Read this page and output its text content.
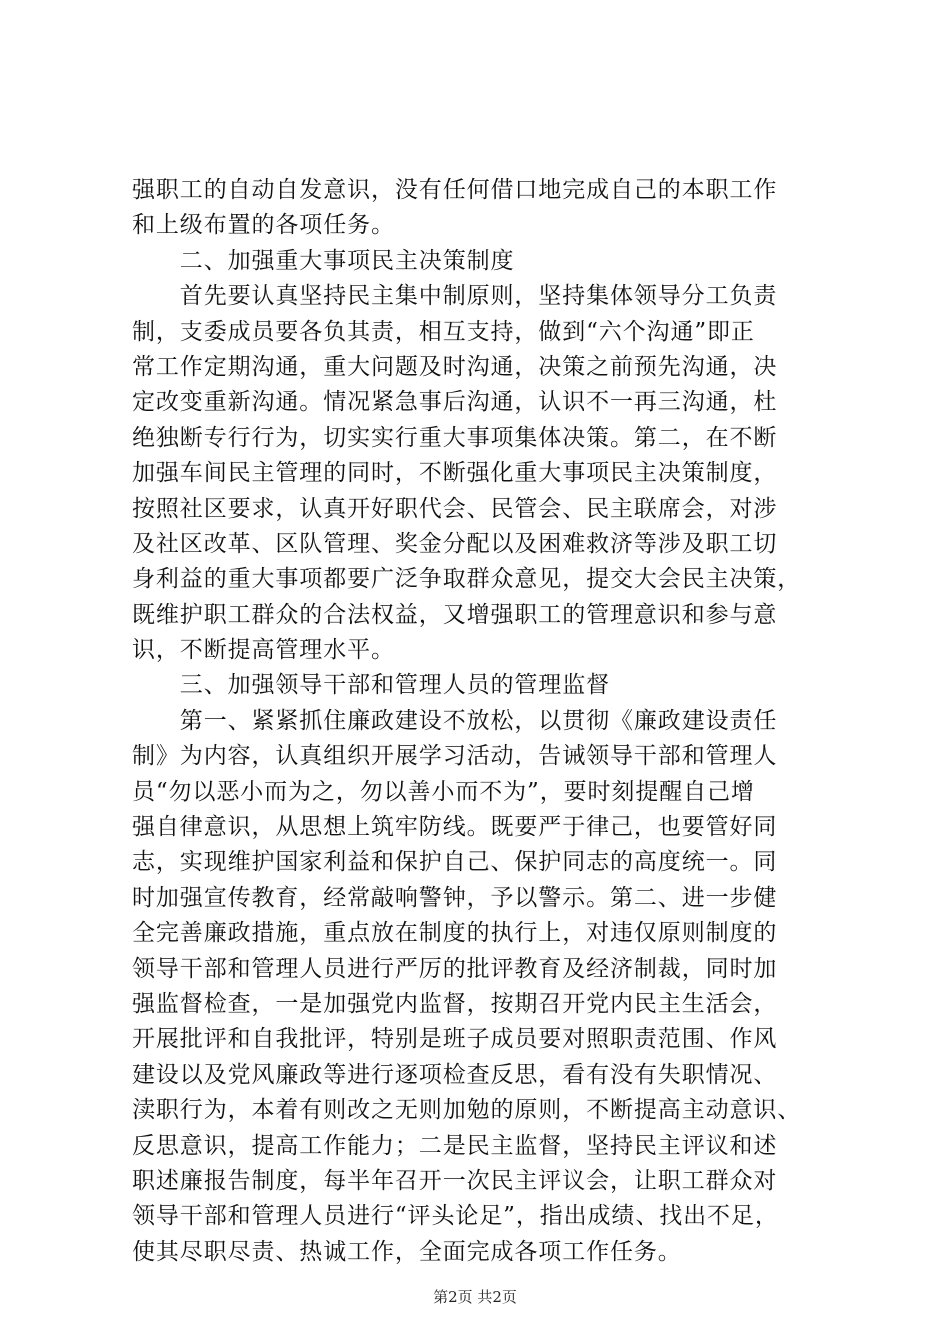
强职工的自动自发意识，没有任何借口地完成自己的本职工作
和上级布置的各项任务。
　　二、加强重大事项民主决策制度
　　首先要认真坚持民主集中制原则，坚持集体领导分工负责
制，支委成员要各负其责，相互支持，做到“六个沟通”即正
常工作定期沟通，重大问题及时沟通，决策之前预先沟通，决
定改变重新沟通。情况紧急事后沟通，认识不一再三沟通，杜
绝独断专行行为，切实实行重大事项集体决策。第二，在不断
加强车间民主管理的同时，不断强化重大事项民主决策制度，
按照社区要求，认真开好职代会、民管会、民主联席会，对涉
及社区改革、区队管理、奖金分配以及困难救济等涉及职工切
身利益的重大事项都要广泛争取群众意见，提交大会民主决策，
既维护职工群众的合法权益，又增强职工的管理意识和参与意
识，不断提高管理水平。
　　三、加强领导干部和管理人员的管理监督
　　第一、紧紧抓住廉政建设不放松，以贯彻《廉政建设责任
制》为内容，认真组织开展学习活动，告诫领导干部和管理人
员“勿以恶小而为之，勿以善小而不为”，要时刻提醒自己增
强自律意识，从思想上筑牢防线。既要严于律己，也要管好同
志，实现维护国家利益和保护自己、保护同志的高度统一。同
时加强宣传教育，经常敲响警钟，予以警示。第二、进一步健
全完善廉政措施，重点放在制度的执行上，对违仅原则制度的
领导干部和管理人员进行严厉的批评教育及经济制裁，同时加
强监督检查，一是加强党内监督，按期召开党内民主生活会，
开展批评和自我批评，特别是班子成员要对照职责范围、作风
建设以及党风廉政等进行逐项检查反思，看有没有失职情况、
渎职行为，本着有则改之无则加勉的原则，不断提高主动意识、
反思意识，提高工作能力；二是民主监督，坚持民主评议和述
职述廉报告制度，每半年召开一次民主评议会，让职工群众对
领导干部和管理人员进行“评头论足”，指出成绩、找出不足，
使其尽职尽责、热诚工作，全面完成各项工作任务。
第2页 共2页
